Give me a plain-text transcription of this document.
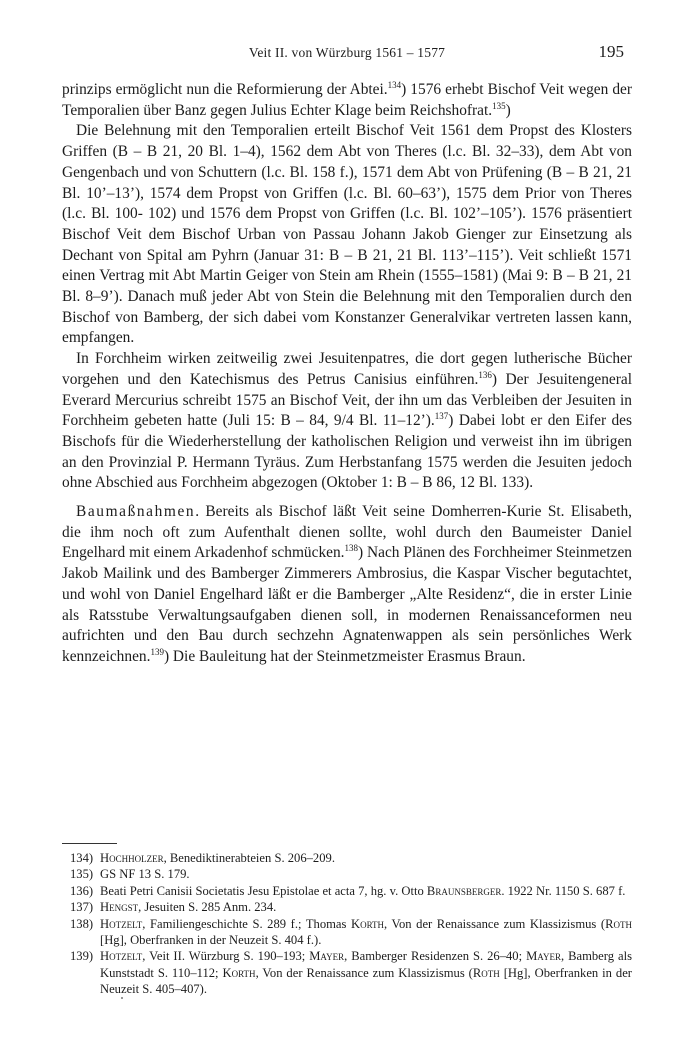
Veit II. von Würzburg 1561 – 1577	195

prinzips ermöglicht nun die Reformierung der Abtei.$^{134}$) 1576 erhebt Bischof Veit wegen der Temporalien über Banz gegen Julius Echter Klage beim Reichshofrat.$^{135}$)

Die Belehnung mit den Temporalien erteilt Bischof Veit 1561 dem Propst des Klosters Griffen (B – B 21, 20 Bl. 1–4), 1562 dem Abt von Theres (l.c. Bl. 32–33), dem Abt von Gengenbach und von Schuttern (l.c. Bl. 158 f.), 1571 dem Abt von Prüfening (B – B 21, 21 Bl. 10’–13’), 1574 dem Propst von Griffen (l.c. Bl. 60–63’), 1575 dem Prior von Theres (l.c. Bl. 100- 102) und 1576 dem Propst von Griffen (l.c. Bl. 102’–105’). 1576 präsentiert Bischof Veit dem Bischof Urban von Passau Johann Jakob Gienger zur Einsetzung als Dechant von Spital am Pyhrn (Januar 31: B – B 21, 21 Bl. 113’–115’). Veit schließt 1571 einen Vertrag mit Abt Martin Geiger von Stein am Rhein (1555–1581) (Mai 9: B – B 21, 21 Bl. 8–9’). Danach muß jeder Abt von Stein die Belehnung mit den Temporalien durch den Bischof von Bamberg, der sich dabei vom Konstanzer Generalvikar vertreten lassen kann, empfangen.

In Forchheim wirken zeitweilig zwei Jesuitenpatres, die dort gegen lutherische Bücher vorgehen und den Katechismus des Petrus Canisius einführen.$^{136}$) Der Jesuitengeneral Everard Mercurius schreibt 1575 an Bischof Veit, der ihn um das Verbleiben der Jesuiten in Forchheim gebeten hatte (Juli 15: B – 84, 9/4 Bl. 11–12’).$^{137}$) Dabei lobt er den Eifer des Bischofs für die Wiederherstellung der katholischen Religion und verweist ihn im übrigen an den Provinzial P. Hermann Tyräus. Zum Herbstanfang 1575 werden die Jesuiten jedoch ohne Abschied aus Forchheim abgezogen (Oktober 1: B – B 86, 12 Bl. 133).

Baumaßnahmen. Bereits als Bischof läßt Veit seine Domherren-Kurie St. Elisabeth, die ihm noch oft zum Aufenthalt dienen sollte, wohl durch den Baumeister Daniel Engelhard mit einem Arkadenhof schmücken.$^{138}$) Nach Plänen des Forchheimer Steinmetzen Jakob Mailink und des Bamberger Zimmerers Ambrosius, die Kaspar Vischer begutachtet, und wohl von Daniel Engelhard läßt er die Bamberger „Alte Residenz“, die in erster Linie als Ratsstube Verwaltungsaufgaben dienen soll, in modernen Renaissanceformen neu aufrichten und den Bau durch sechzehn Agnatenwappen als sein persönliches Werk kennzeichnen.$^{139}$) Die Bauleitung hat der Steinmetzmeister Erasmus Braun.

134) Hochholzer, Benediktinerabteien S. 206–209.

135) GS NF 13 S. 179.

136) Beati Petri Canisii Societatis Jesu Epistolae et acta 7, hg. v. Otto Braunsberger. 1922 Nr. 1150 S. 687 f.

137) Hengst, Jesuiten S. 285 Anm. 234.

138) Hotzelt, Familiengeschichte S. 289 f.; Thomas Korth, Von der Renaissance zum Klassizismus (Roth [Hg], Oberfranken in der Neuzeit S. 404 f.).

139) Hotzelt, Veit II. Würzburg S. 190–193; Mayer, Bamberger Residenzen S. 26–40; Mayer, Bamberg als Kunststadt S. 110–112; Korth, Von der Renaissance zum Klassizismus (Roth [Hg], Oberfranken in der Neuzeit S. 405–407).
